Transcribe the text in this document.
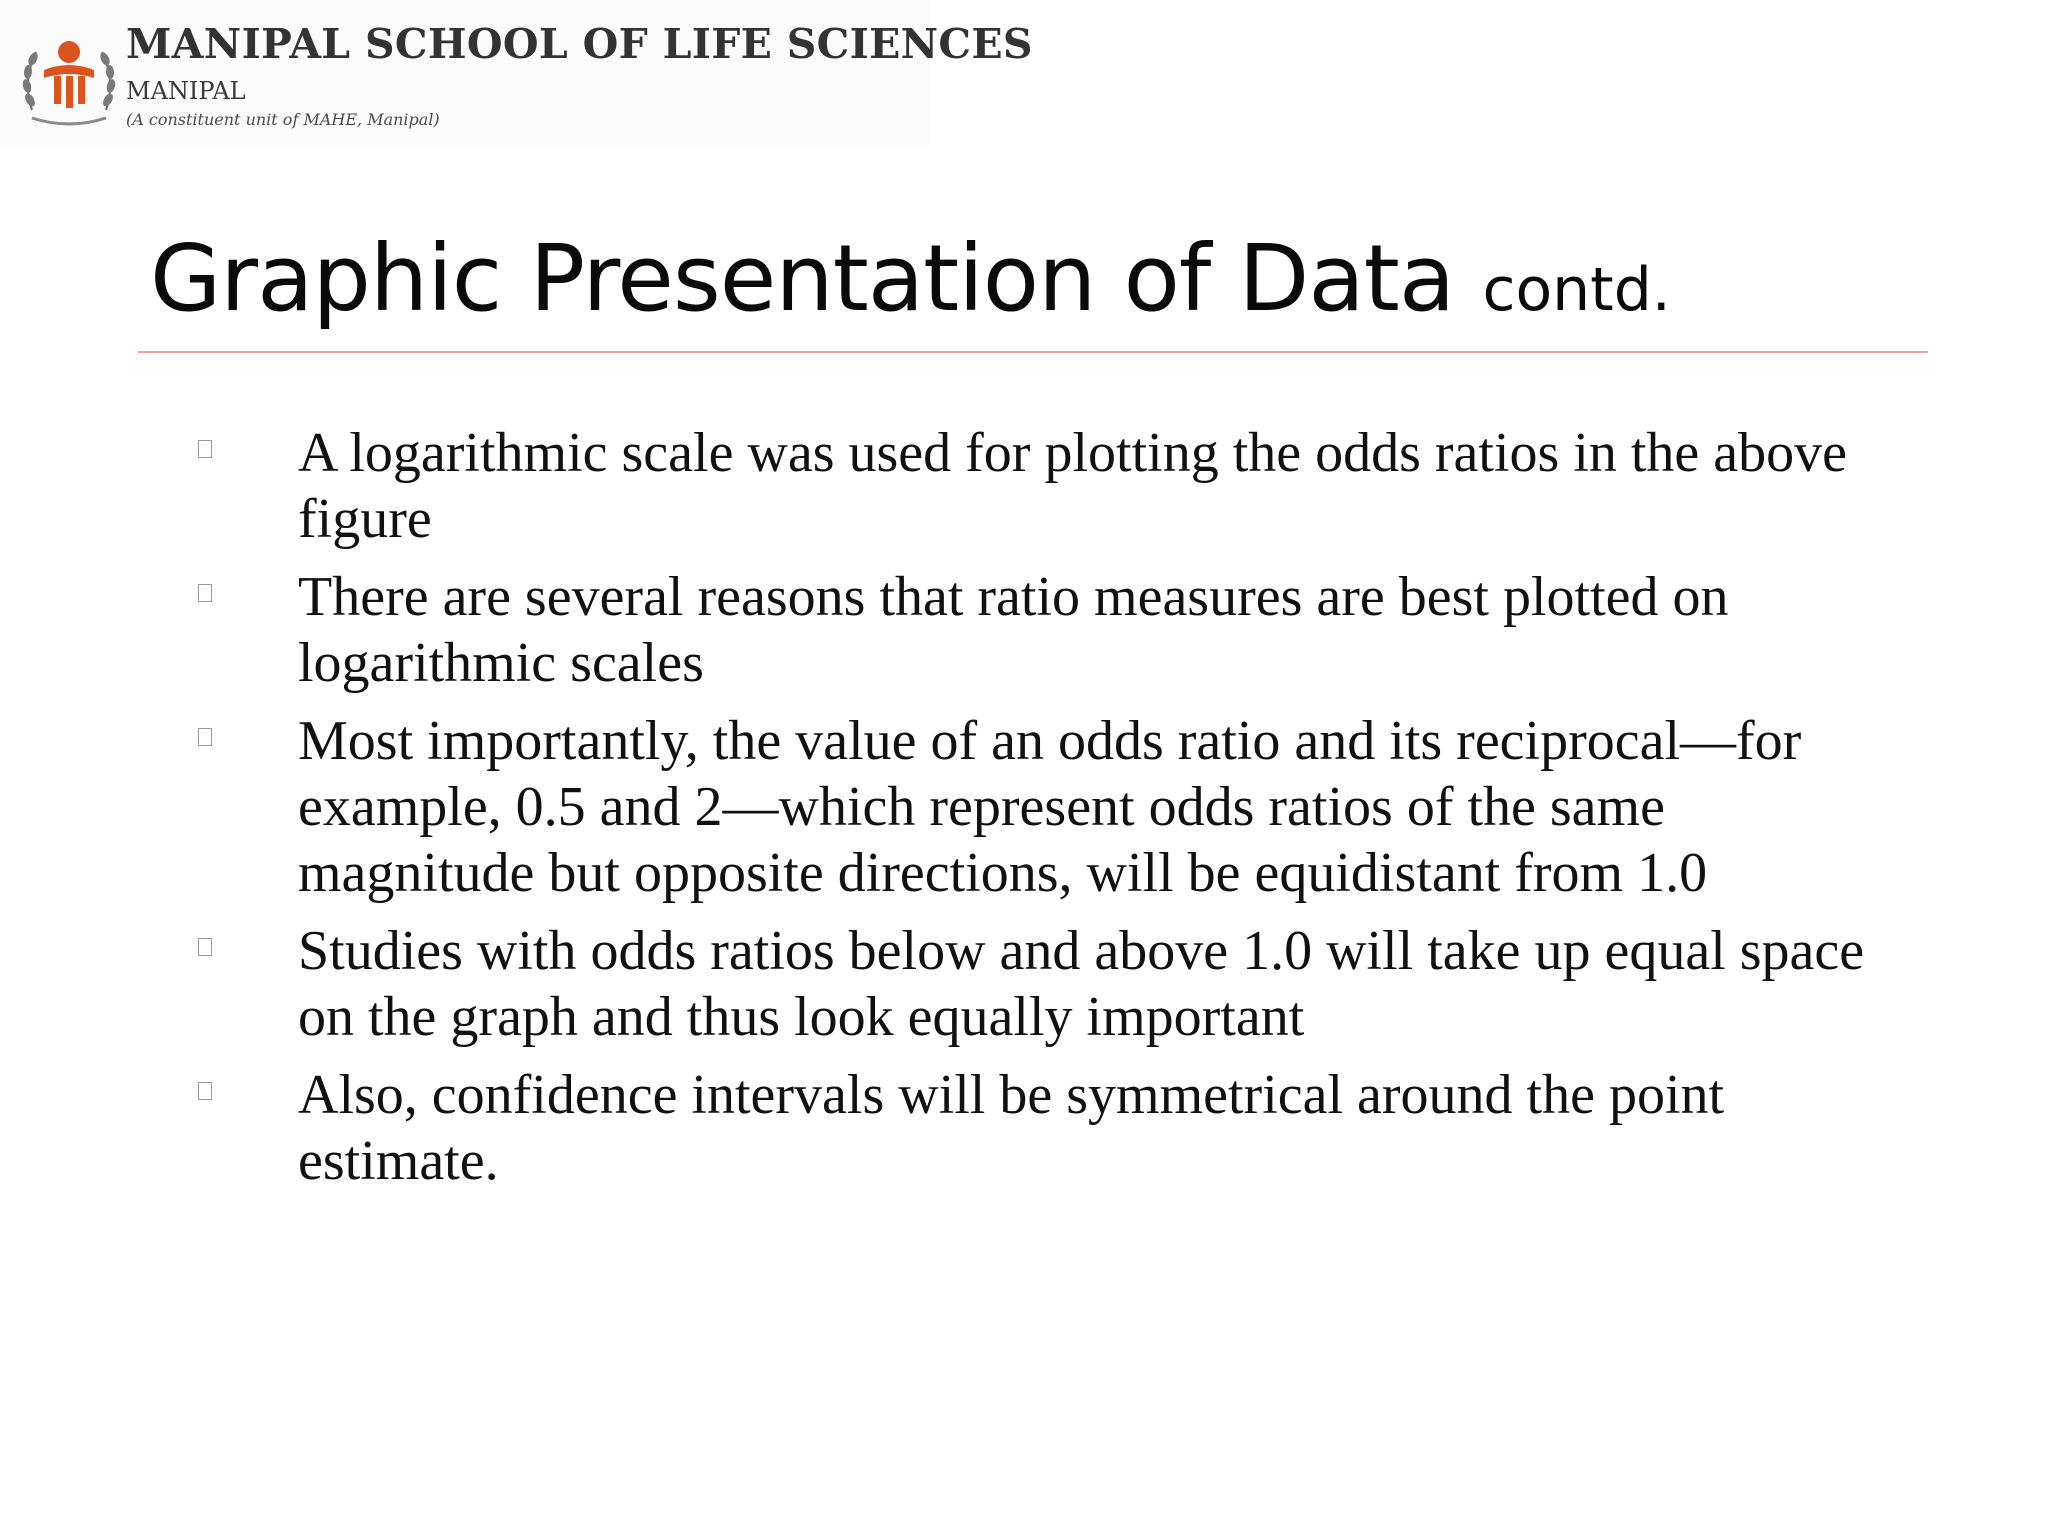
MANIPAL SCHOOL OF LIFE SCIENCES
MANIPAL
(A constituent unit of MAHE, Manipal)
Graphic Presentation of Data contd.
A logarithmic scale was used for plotting the odds ratios in the above figure
There are several reasons that ratio measures are best plotted on logarithmic scales
Most importantly, the value of an odds ratio and its reciprocal—for example, 0.5 and 2—which represent odds ratios of the same magnitude but opposite directions, will be equidistant from 1.0
Studies with odds ratios below and above 1.0 will take up equal space on the graph and thus look equally important
Also, confidence intervals will be symmetrical around the point estimate.
